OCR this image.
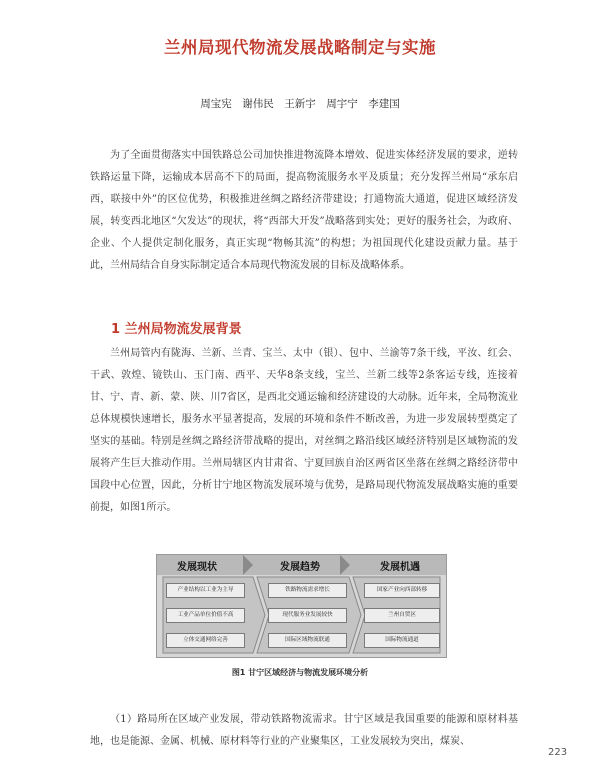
兰州局现代物流发展战略制定与实施
周宝宪　谢伟民　王新宇　周宇宁　李建国

为了全面贯彻落实中国铁路总公司加快推进物流降本增效、促进实体经济发展的要求，逆转铁路运量下降，运输成本居高不下的局面，提高物流服务水平及质量；充分发挥兰州局“承东启西，联接中外”的区位优势，积极推进丝绸之路经济带建设；打通物流大通道，促进区域经济发展，转变西北地区“欠发达”的现状，将“西部大开发”战略落到实处；更好的服务社会，为政府、企业、个人提供定制化服务，真正实现“物畅其流”的构想；为祖国现代化建设贡献力量。基于此，兰州局结合自身实际制定适合本局现代物流发展的目标及战略体系。

1 兰州局物流发展背景

兰州局管内有陇海、兰新、兰青、宝兰、太中（银）、包中、兰渝等7条干线，平汝、红会、干武、敦煌、镜铁山、玉门南、西平、天华8条支线，宝兰、兰新二线等2条客运专线，连接着甘、宁、青、新、蒙、陕、川7省区，是西北交通运输和经济建设的大动脉。近年来，全局物流业总体规模快速增长，服务水平显著提高，发展的环境和条件不断改善，为进一步发展转型奠定了坚实的基础。特别是丝绸之路经济带战略的提出，对丝绸之路沿线区域经济特别是区域物流的发展将产生巨大推动作用。兰州局辖区内甘肃省、宁夏回族自治区两省区坐落在丝绸之路经济带中国段中心位置，因此，分析甘宁地区物流发展环境与优势，是路局现代物流发展战略实施的重要前提，如图1所示。

发展现状	发展趋势	发展机遇
产业结构以工业为主导
工业产品单位价值不高
立体交通网络完善
铁路物流需求增长
现代服务业发展较快
国际区域物流联通
国家产业向西部转移
兰州自贸区
国际物流通道
图1 甘宁区域经济与物流发展环境分析

（1）路局所在区域产业发展，带动铁路物流需求。甘宁区域是我国重要的能源和原材料基地，也是能源、金属、机械、原材料等行业的产业聚集区，工业发展较为突出，煤炭、

223
